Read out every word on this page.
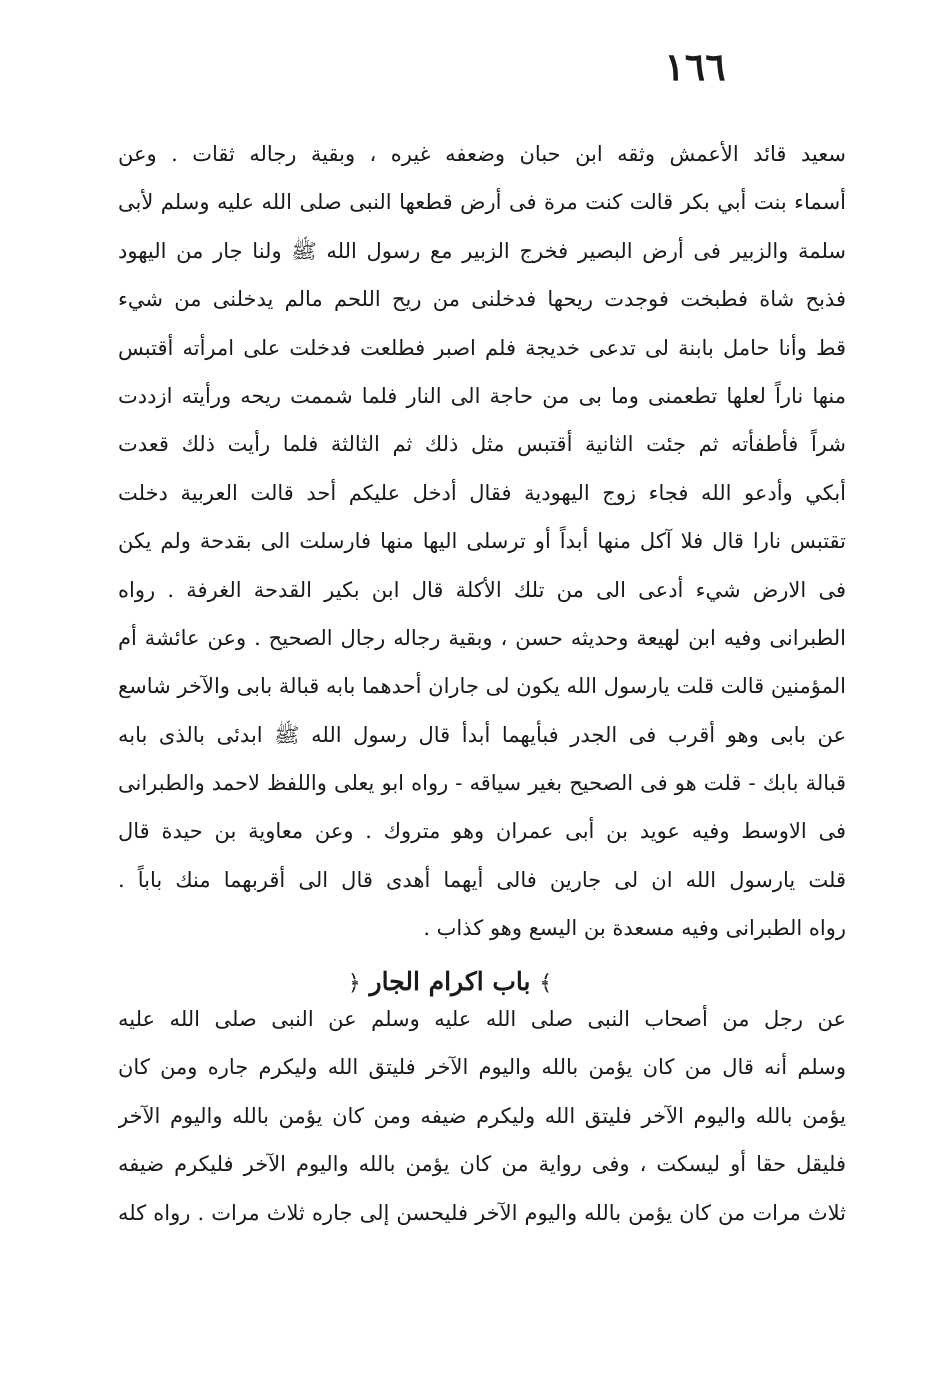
١٦٦
سعيد قائد الأعمش وثقه ابن حبان وضعفه غيره ، وبقية رجاله ثقات . وعن
أسماء بنت أبي بكر قالت كنت مرة فى أرض قطعها النبى صلى الله عليه وسلم لأبى
سلمة والزبير فى أرض البصير فخرج الزبير مع رسول الله ﷺ ولنا جار من اليهود
فذبح شاة فطبخت فوجدت ريحها فدخلنى من ريح اللحم مالم يدخلنى من شيء
قط وأنا حامل بابنة لى تدعى خديجة فلم اصبر فطلعت فدخلت على امرأته أقتبس
منها ناراً لعلها تطعمنى وما بى من حاجة الى النار فلما شممت ريحه ورأيته ازددت
شراً فأطفأته ثم جئت الثانية أقتبس مثل ذلك ثم الثالثة فلما رأيت ذلك قعدت
أبكي وأدعو الله فجاء زوج اليهودية فقال أدخل عليكم أحد قالت العربية دخلت
تقتبس نارا قال فلا آكل منها أبداً أو ترسلى اليها منها فارسلت الى بقدحة ولم يكن
فى الارض شيء أدعى الى من تلك الأكلة قال ابن بكير القدحة الغرفة . رواه
الطبرانى وفيه ابن لهيعة وحديثه حسن ، وبقية رجاله رجال الصحيح . وعن عائشة أم
المؤمنين قالت قلت يارسول الله يكون لى جاران أحدهما بابه قبالة بابى والآخر شاسع
عن بابى وهو أقرب فى الجدر فبأيهما أبدأ قال رسول الله ﷺ ابدئى بالذى بابه
قبالة بابك - قلت هو فى الصحيح بغير سياقه - رواه ابو يعلى واللفظ لاحمد والطبرانى
فى الاوسط وفيه عويد بن أبى عمران وهو متروك . وعن معاوية بن حيدة قال
قلت يارسول الله ان لى جارين فالى أيهما أهدى قال الى أقربهما منك باباً .
رواه الطبرانى وفيه مسعدة بن اليسع وهو كذاب .
﴾ باب اكرام الجار ﴿
عن رجل من أصحاب النبى صلى الله عليه وسلم عن النبى صلى الله عليه
وسلم أنه قال من كان يؤمن بالله واليوم الآخر فليتق الله وليكرم جاره ومن كان
يؤمن بالله واليوم الآخر فليتق الله وليكرم ضيفه ومن كان يؤمن بالله واليوم الآخر
فليقل حقا أو ليسكت ، وفى رواية من كان يؤمن بالله واليوم الآخر فليكرم ضيفه
ثلاث مرات من كان يؤمن بالله واليوم الآخر فليحسن إلى جاره ثلاث مرات . رواه كله
